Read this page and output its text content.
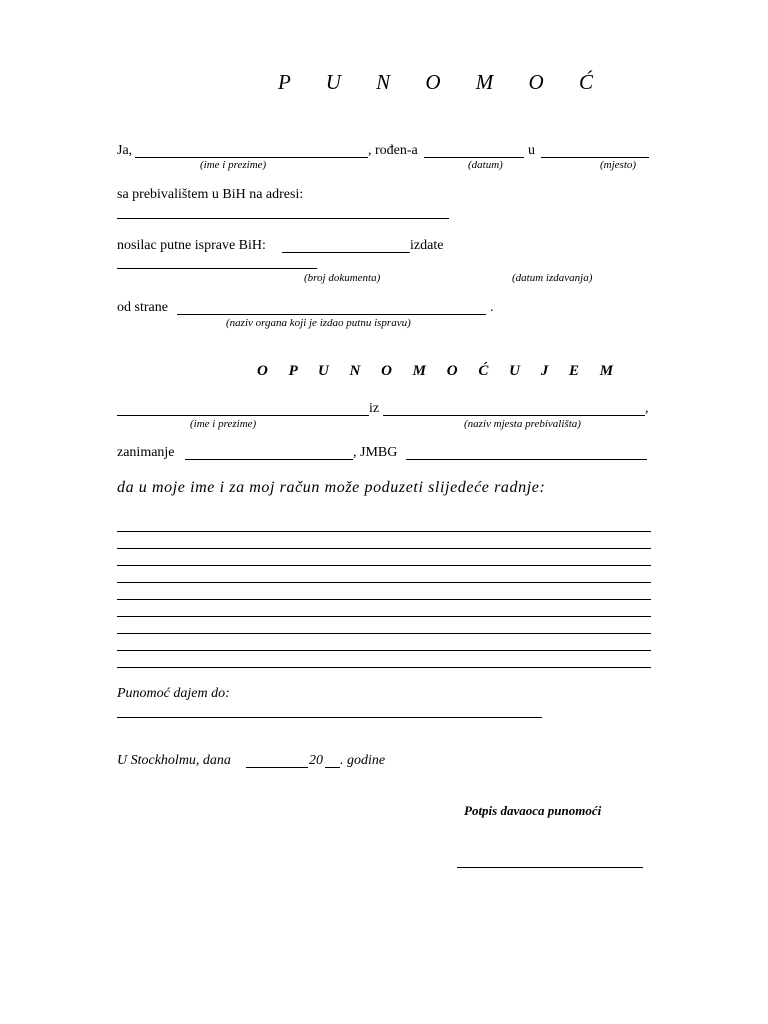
P U N O M O Ć
Ja,	, rođen-a	u
(ime i prezime)	(datum)	(mjesto)
sa prebivalištem u BiH na adresi:
nosilac putne isprave BiH:	izdate
(broj dokumenta)	(datum izdavanja)
od strane	.
(naziv organa koji je izdao putnu ispravu)
O P U N O M O Ć U J E M
iz	,
(ime i prezime)	(naziv mjesta prebivališta)
zanimanje	, JMBG
da u moje ime i za moj račun može poduzeti slijedeće radnje:
Punomoć dajem do:
U Stockholmu, dana	20 . godine
Potpis davaoca punomoći
